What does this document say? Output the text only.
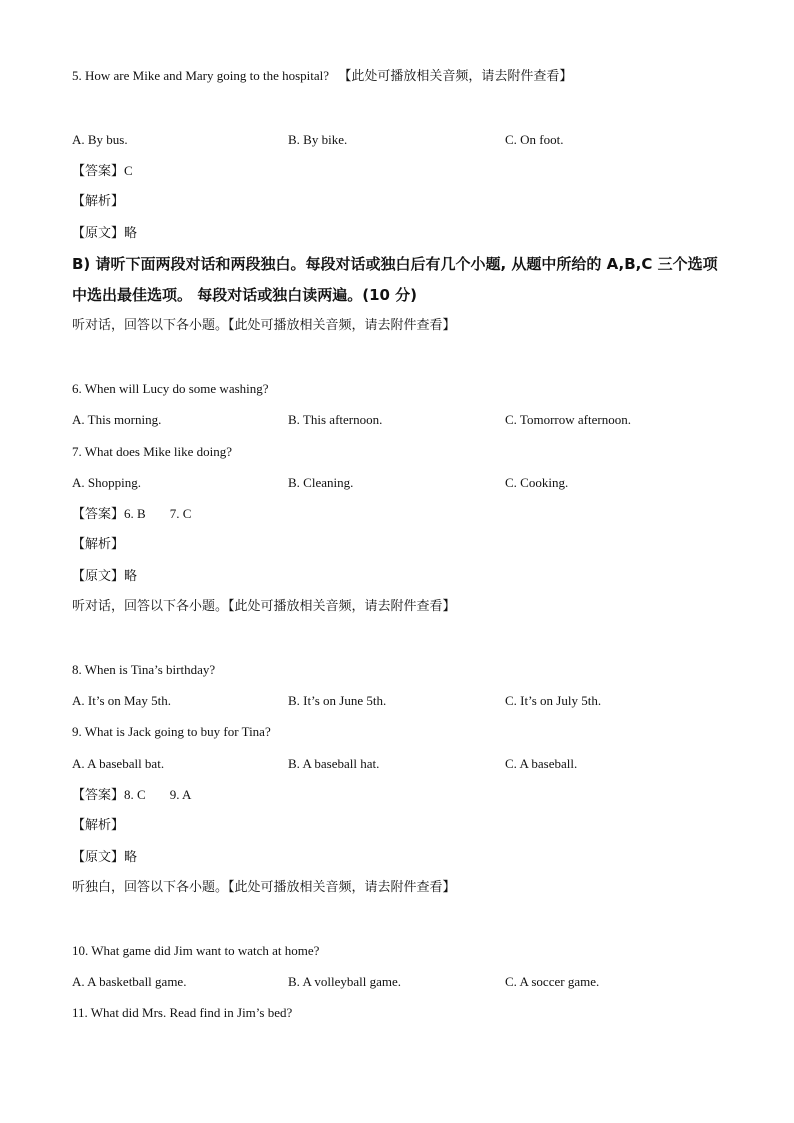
5. How are Mike and Mary going to the hospital? 【此处可播放相关音频，请去附件查看】
A. By bus.	B. By bike.	C. On foot.
【答案】C
【解析】
【原文】略
B) 请听下面两段对话和两段独白。每段对话或独白后有几个小题, 从题中所给的 A,B,C 三个选项中选出最佳选项。 每段对话或独白读两遍。(10 分)
听对话，回答以下各小题。【此处可播放相关音频，请去附件查看】
6. When will Lucy do some washing?
A. This morning.	B. This afternoon.	C. Tomorrow afternoon.
7. What does Mike like doing?
A. Shopping.	B. Cleaning.	C. Cooking.
【答案】6. B 7. C
【解析】
【原文】略
听对话，回答以下各小题。【此处可播放相关音频，请去附件查看】
8. When is Tina’s birthday?
A. It’s on May 5th.	B. It’s on June 5th.	C. It’s on July 5th.
9. What is Jack going to buy for Tina?
A. A baseball bat.	B. A baseball hat.	C. A baseball.
【答案】8. C 9. A
【解析】
【原文】略
听独白，回答以下各小题。【此处可播放相关音频，请去附件查看】
10. What game did Jim want to watch at home?
A. A basketball game.	B. A volleyball game.	C. A soccer game.
11. What did Mrs. Read find in Jim’s bed?
